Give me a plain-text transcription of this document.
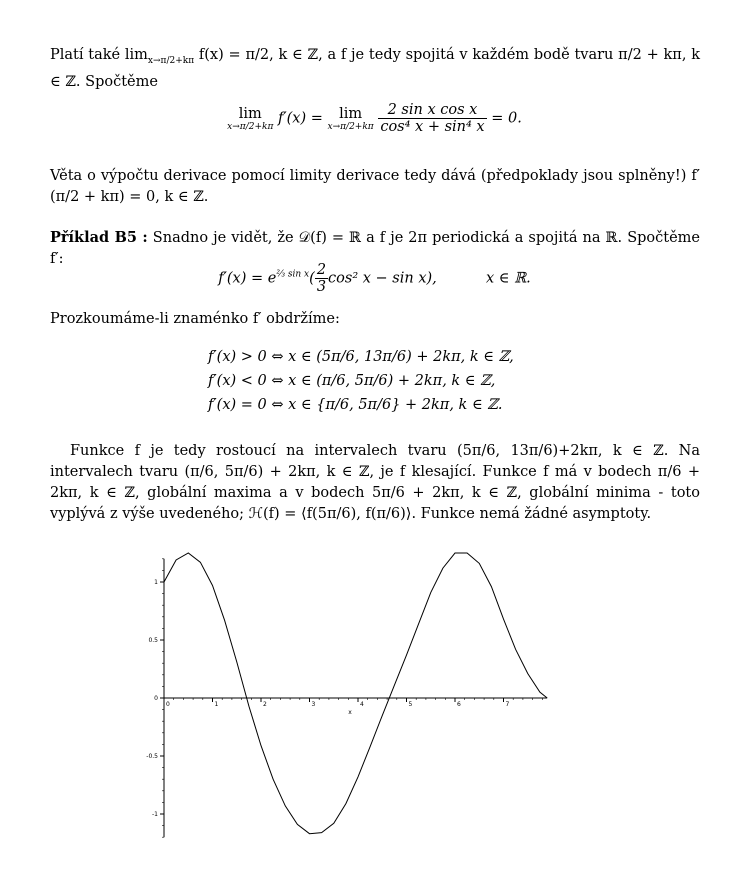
Platí také $\lim_{x\to\pi/2+k\pi} f(x) = \pi/2$, k ∈ ℤ, a f je tedy spojitá v každém bodě tvaru π/2 + kπ, k ∈ ℤ. Spočtěme
lim
x→π/2+kπ f′(x) = lim
x→π/2+kπ
$\frac{\text{2 sin x cos x}}{\text{cos⁴ x + sin⁴ x}} = 0$.
Věta o výpočtu derivace pomocí limity derivace tedy dává (předpoklady jsou splněny!) f′(π/2 + kπ) = 0, k ∈ ℤ.
Příklad B5 : Snadno je vidět, že 𝒟(f) = ℝ a f je 2π periodická a spojitá na ℝ. Spočtěme f′:
$f'(x) = e^{\frac{2}{3} sin x}( \frac{2}{3} \cos^2$ x − sin x),	x ∈ ℝ.
Prozkoumáme-li znaménko f′ obdržíme:
f′(x) > 0 ⇔ x ∈ (5π/6, 13π/6) + 2kπ, k ∈ ℤ,
f′(x) < 0 ⇔ x ∈ (π/6, 5π/6) + 2kπ, k ∈ ℤ,
f′(x) = 0 ⇔ x ∈ {π/6, 5π/6} + 2kπ, k ∈ ℤ.
Funkce f je tedy rostoucí na intervalech tvaru (5π/6, 13π/6)+2kπ, k ∈ ℤ. Na intervalech tvaru (π/6, 5π/6) + 2kπ, k ∈ ℤ, je f klesající. Funkce f má v bodech π/6 + 2kπ, k ∈ ℤ, globální maxima a v bodech 5π/6 + 2kπ, k ∈ ℤ, globální minima - toto vyplývá z výše uvedeného; ℋ(f) = ⟨f(5π/6), f(π/6)⟩. Funkce nemá žádné asymptoty.
0	1	2	3	4	5	6	7
x
1
0.5
0
-0.5
-1
